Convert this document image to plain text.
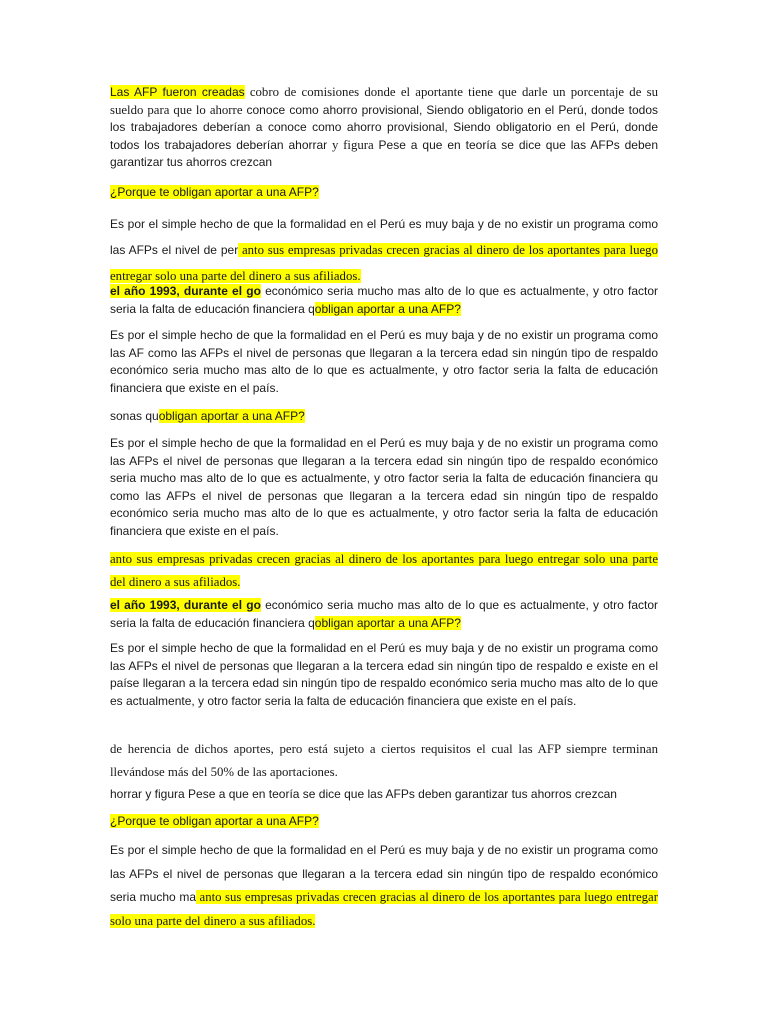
Las AFP fueron creadas cobro de comisiones donde el aportante tiene que darle un porcentaje de su sueldo para que lo ahorre conoce como ahorro provisional, Siendo obligatorio en el Perú, donde todos los trabajadores deberían a conoce como ahorro provisional, Siendo obligatorio en el Perú, donde todos los trabajadores deberían ahorrar y figura Pese a que en teoría se dice que las AFPs deben garantizar tus ahorros crezcan

¿Porque te obligan aportar a una AFP?

Es por el simple hecho de que la formalidad en el Perú es muy baja y de no existir un programa como las AFPs el nivel de per anto sus empresas privadas crecen gracias al dinero de los aportantes para luego entregar solo una parte del dinero a sus afiliados.

el año 1993, durante el go económico seria mucho mas alto de lo que es actualmente, y otro factor seria la falta de educación financiera qobligan aportar a una AFP?

Es por el simple hecho de que la formalidad en el Perú es muy baja y de no existir un programa como las AF como las AFPs el nivel de personas que llegaran a la tercera edad sin ningún tipo de respaldo económico seria mucho mas alto de lo que es actualmente, y otro factor seria la falta de educación financiera que existe en el país.

sonas quobligan aportar a una AFP?

Es por el simple hecho de que la formalidad en el Perú es muy baja y de no existir un programa como las AFPs el nivel de personas que llegaran a la tercera edad sin ningún tipo de respaldo económico seria mucho mas alto de lo que es actualmente, y otro factor seria la falta de educación financiera qu como las AFPs el nivel de personas que llegaran a la tercera edad sin ningún tipo de respaldo económico seria mucho mas alto de lo que es actualmente, y otro factor seria la falta de educación financiera que existe en el país.

anto sus empresas privadas crecen gracias al dinero de los aportantes para luego entregar solo una parte del dinero a sus afiliados.

el año 1993, durante el go económico seria mucho mas alto de lo que es actualmente, y otro factor seria la falta de educación financiera qobligan aportar a una AFP?

Es por el simple hecho de que la formalidad en el Perú es muy baja y de no existir un programa como las AFPs el nivel de personas que llegaran a la tercera edad sin ningún tipo de respaldo e existe en el paíse llegaran a la tercera edad sin ningún tipo de respaldo económico seria mucho mas alto de lo que es actualmente, y otro factor seria la falta de educación financiera que existe en el país.

de herencia de dichos aportes, pero está sujeto a ciertos requisitos el cual las AFP siempre terminan llevándose más del 50% de las aportaciones.

horrar y figura Pese a que en teoría se dice que las AFPs deben garantizar tus ahorros crezcan

¿Porque te obligan aportar a una AFP?

Es por el simple hecho de que la formalidad en el Perú es muy baja y de no existir un programa como las AFPs el nivel de personas que llegaran a la tercera edad sin ningún tipo de respaldo económico seria mucho ma anto sus empresas privadas crecen gracias al dinero de los aportantes para luego entregar solo una parte del dinero a sus afiliados.
